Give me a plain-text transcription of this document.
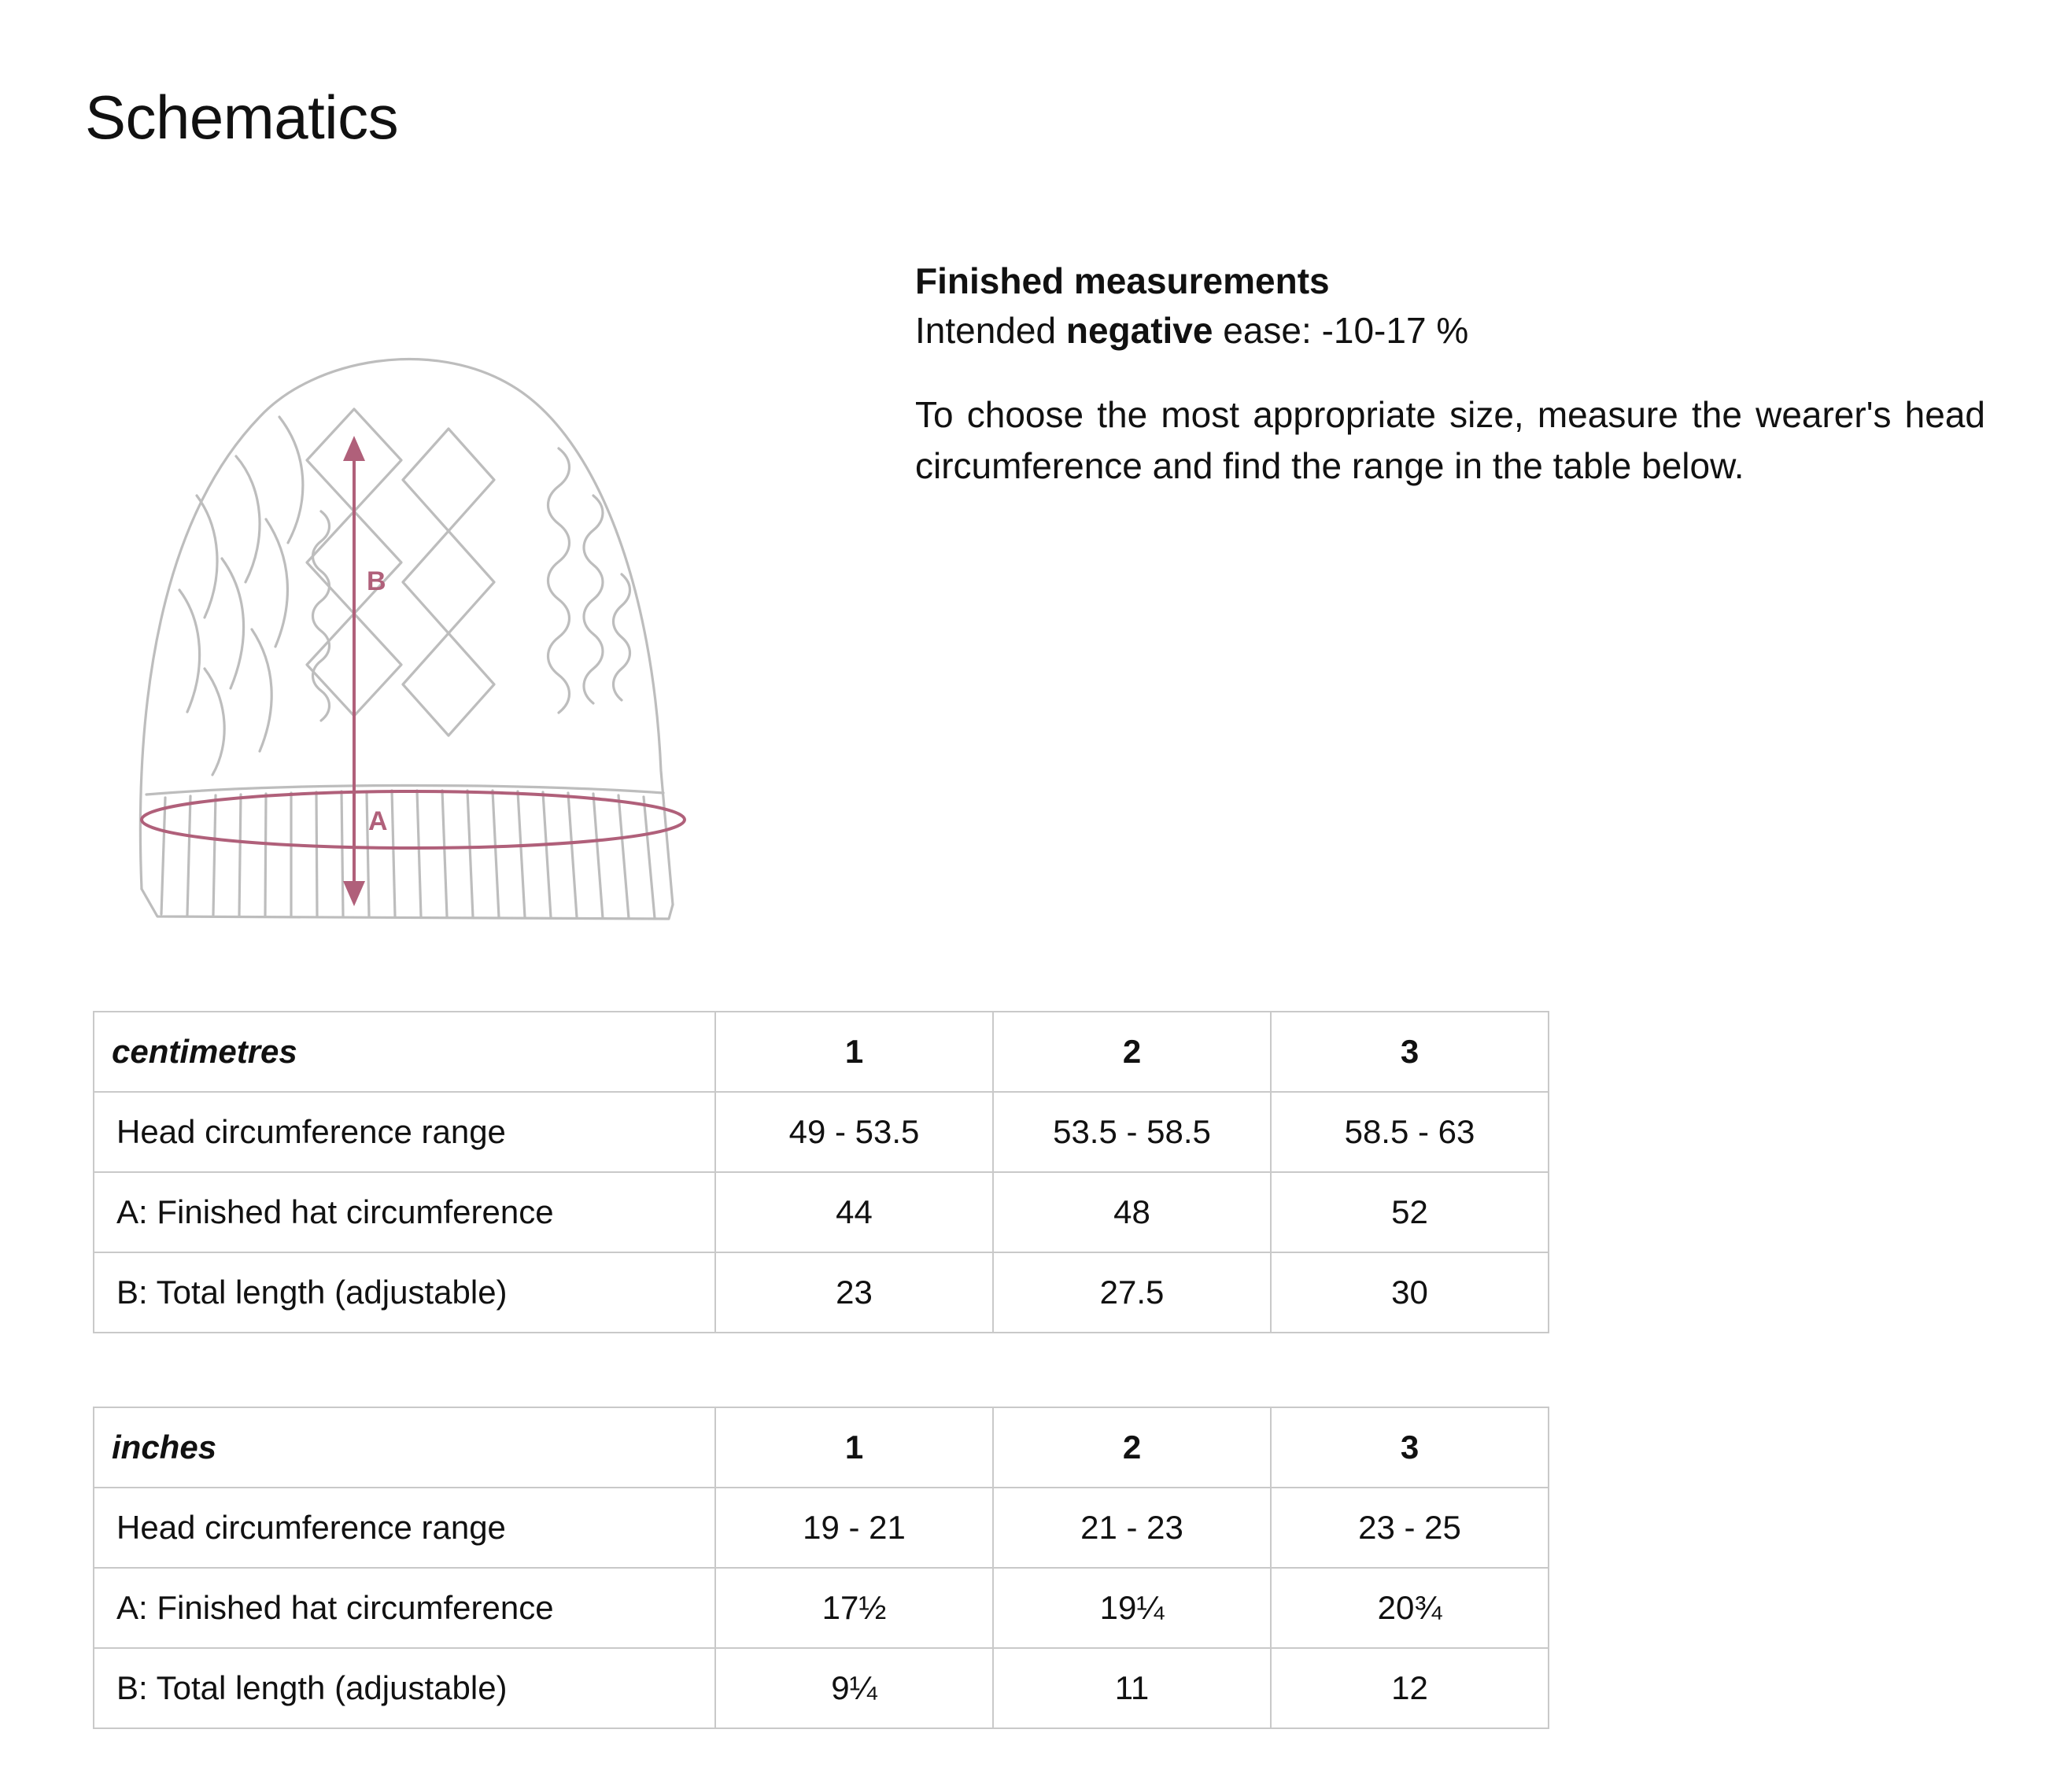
Schematics
B
A
Finished measurements
Intended negative ease: -10-17 %
To choose the most appropriate size, measure the wearer's head circumference and find the range in the table below.
centimetres	1	2	3
Head circumference range	49 - 53.5	53.5 - 58.5	58.5 - 63
A: Finished hat circumference	44	48	52
B: Total length (adjustable)	23	27.5	30
inches	1	2	3
Head circumference range	19 - 21	21 - 23	23 - 25
A: Finished hat circumference	17½	19¼	20¾
B: Total length (adjustable)	9¼	11	12
